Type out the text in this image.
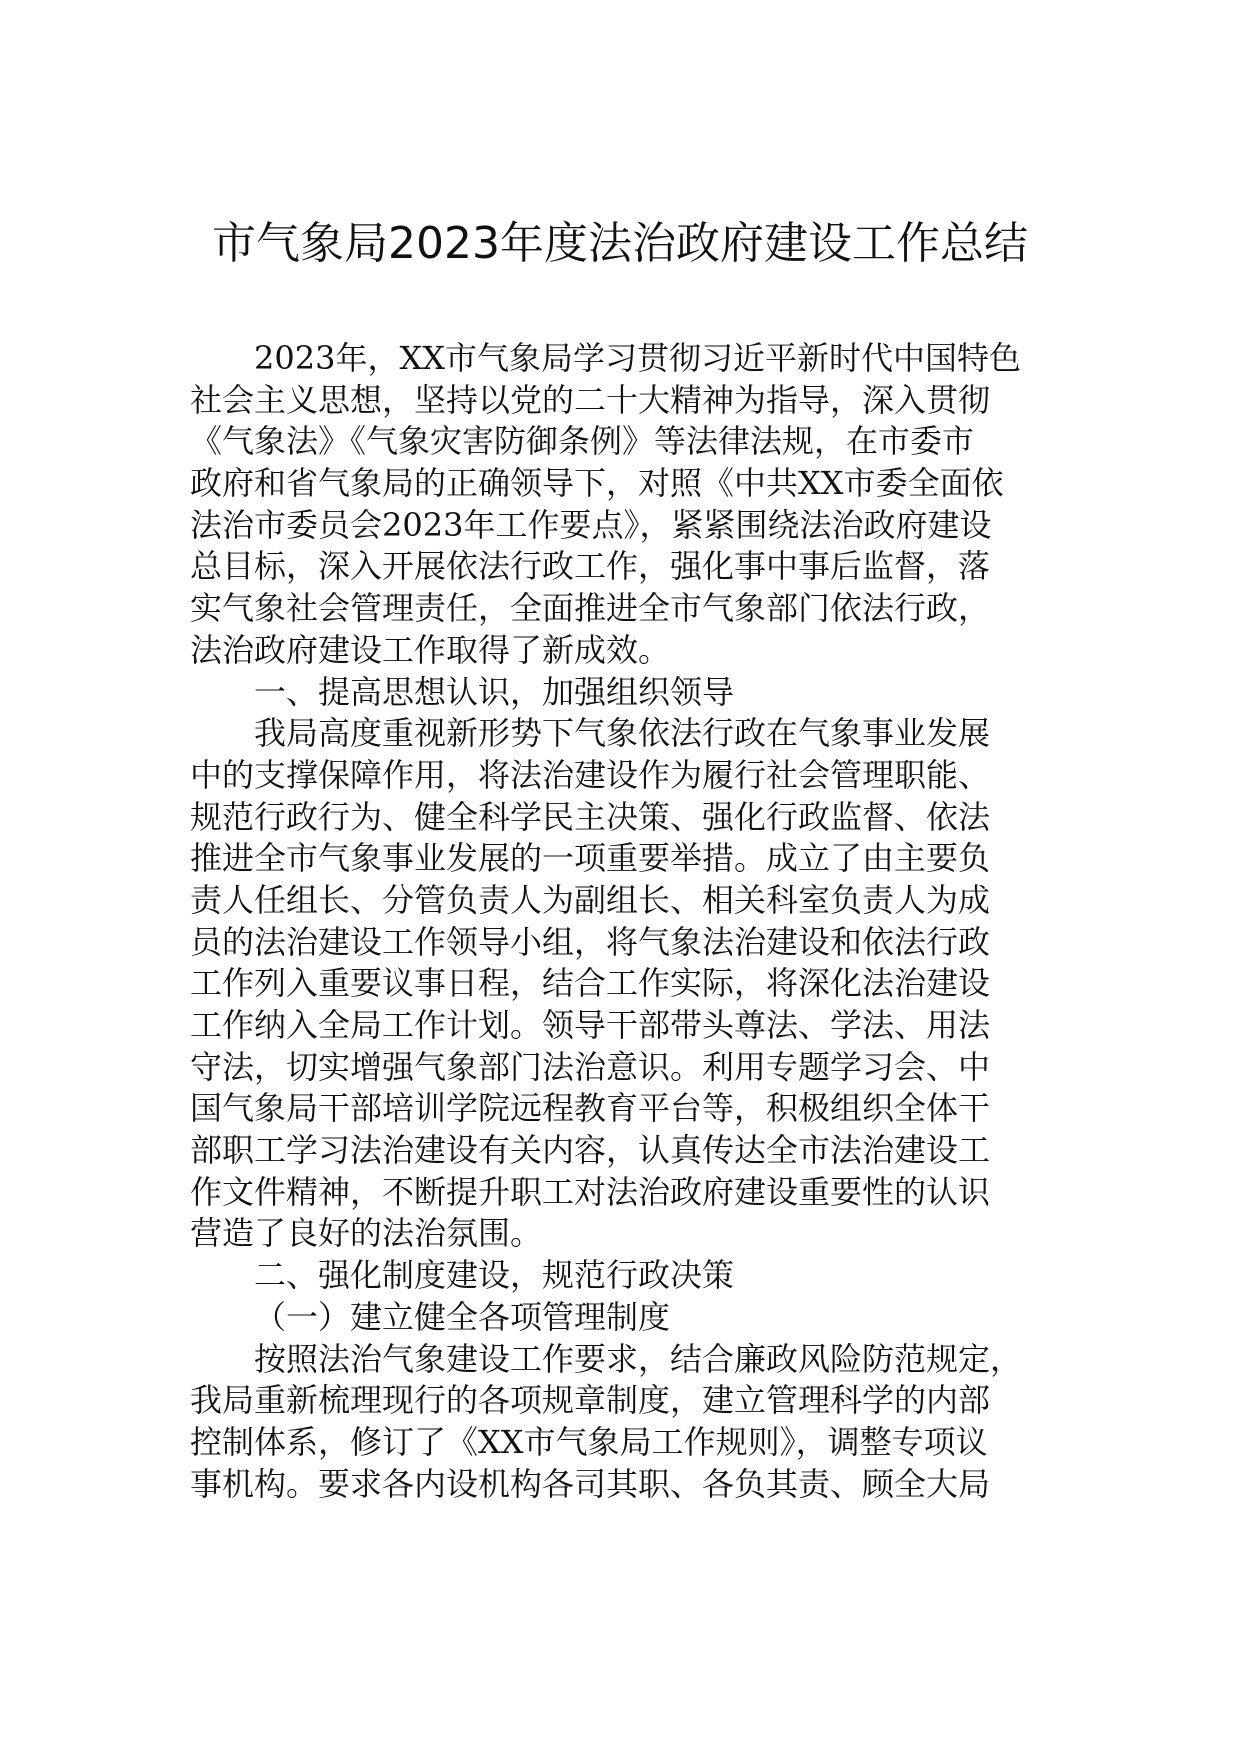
市气象局2023年度法治政府建设工作总结
2023年，XX市气象局学习贯彻习近平新时代中国特色
社会主义思想，坚持以党的二十大精神为指导，深入贯彻
《气象法》《气象灾害防御条例》等法律法规，在市委市
政府和省气象局的正确领导下，对照《中共XX市委全面依
法治市委员会2023年工作要点》，紧紧围绕法治政府建设
总目标，深入开展依法行政工作，强化事中事后监督，落
实气象社会管理责任，全面推进全市气象部门依法行政，
法治政府建设工作取得了新成效。
一、提高思想认识，加强组织领导
我局高度重视新形势下气象依法行政在气象事业发展
中的支撑保障作用，将法治建设作为履行社会管理职能、
规范行政行为、健全科学民主决策、强化行政监督、依法
推进全市气象事业发展的一项重要举措。成立了由主要负
责人任组长、分管负责人为副组长、相关科室负责人为成
员的法治建设工作领导小组，将气象法治建设和依法行政
工作列入重要议事日程，结合工作实际，将深化法治建设
工作纳入全局工作计划。领导干部带头尊法、学法、用法
守法，切实增强气象部门法治意识。利用专题学习会、中
国气象局干部培训学院远程教育平台等，积极组织全体干
部职工学习法治建设有关内容，认真传达全市法治建设工
作文件精神，不断提升职工对法治政府建设重要性的认识
营造了良好的法治氛围。
二、强化制度建设，规范行政决策
（一）建立健全各项管理制度
按照法治气象建设工作要求，结合廉政风险防范规定，
我局重新梳理现行的各项规章制度，建立管理科学的内部
控制体系，修订了《XX市气象局工作规则》，调整专项议
事机构。要求各内设机构各司其职、各负其责、顾全大局
